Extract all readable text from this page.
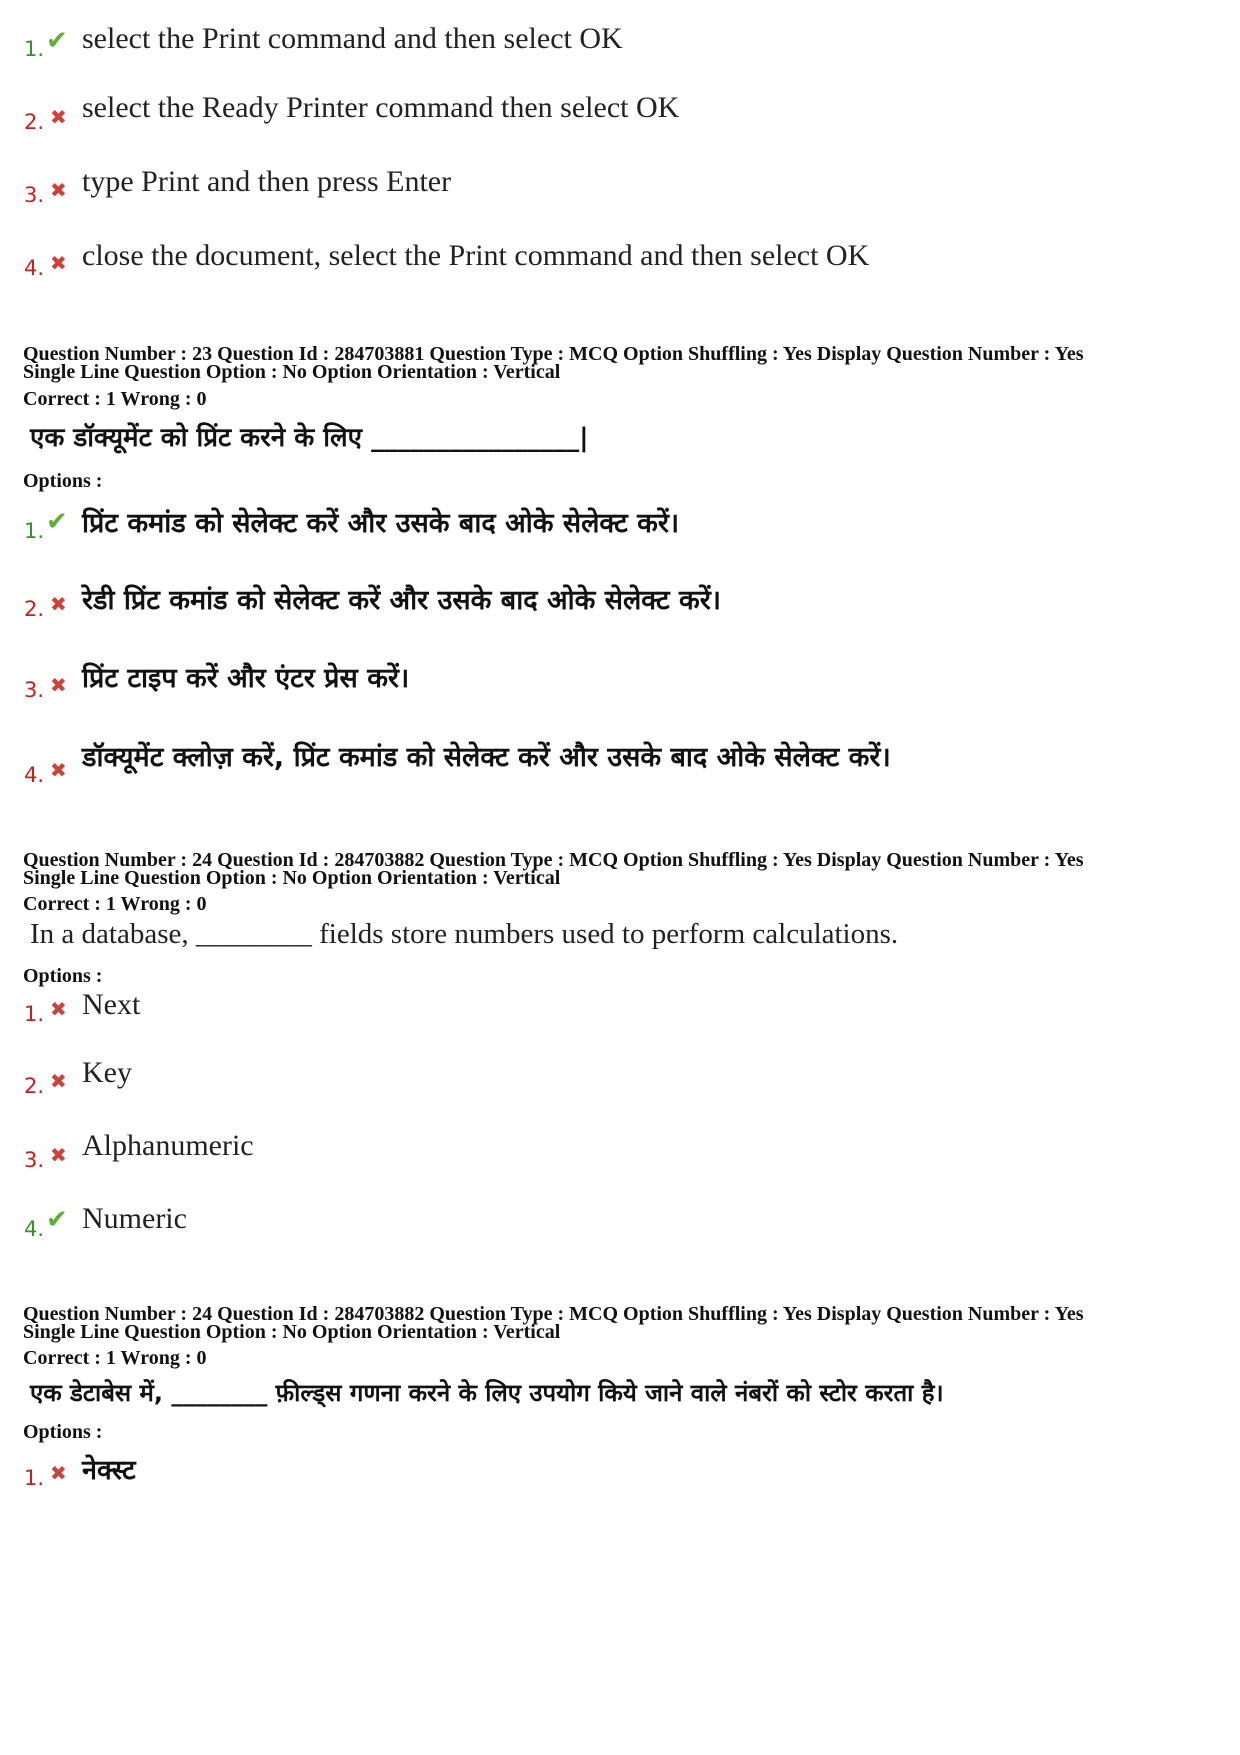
1. ✔ select the Print command and then select OK
2. ✖ select the Ready Printer command then select OK
3. ✖ type Print and then press Enter
4. ✖ close the document, select the Print command and then select OK
Question Number : 23 Question Id : 284703881 Question Type : MCQ Option Shuffling : Yes Display Question Number : Yes
Single Line Question Option : No Option Orientation : Vertical
Correct : 1 Wrong : 0
एक डॉक्यूमेंट को प्रिंट करने के लिए ________________|
Options :
1. ✔ प्रिंट कमांड को सेलेक्ट करें और उसके बाद ओके सेलेक्ट करें।
2. ✖ रेडी प्रिंट कमांड को सेलेक्ट करें और उसके बाद ओके सेलेक्ट करें।
3. ✖ प्रिंट टाइप करें और एंटर प्रेस करें।
4. ✖ डॉक्यूमेंट क्लोज़ करें, प्रिंट कमांड को सेलेक्ट करें और उसके बाद ओके सेलेक्ट करें।
Question Number : 24 Question Id : 284703882 Question Type : MCQ Option Shuffling : Yes Display Question Number : Yes
Single Line Question Option : No Option Orientation : Vertical
Correct : 1 Wrong : 0
In a database, ________ fields store numbers used to perform calculations.
Options :
1. ✖ Next
2. ✖ Key
3. ✖ Alphanumeric
4. ✔ Numeric
Question Number : 24 Question Id : 284703882 Question Type : MCQ Option Shuffling : Yes Display Question Number : Yes
Single Line Question Option : No Option Orientation : Vertical
Correct : 1 Wrong : 0
एक डेटाबेस में, ________ फ़ील्ड्स गणना करने के लिए उपयोग किये जाने वाले नंबरों को स्टोर करता है।
Options :
1. ✖ नेक्स्ट
